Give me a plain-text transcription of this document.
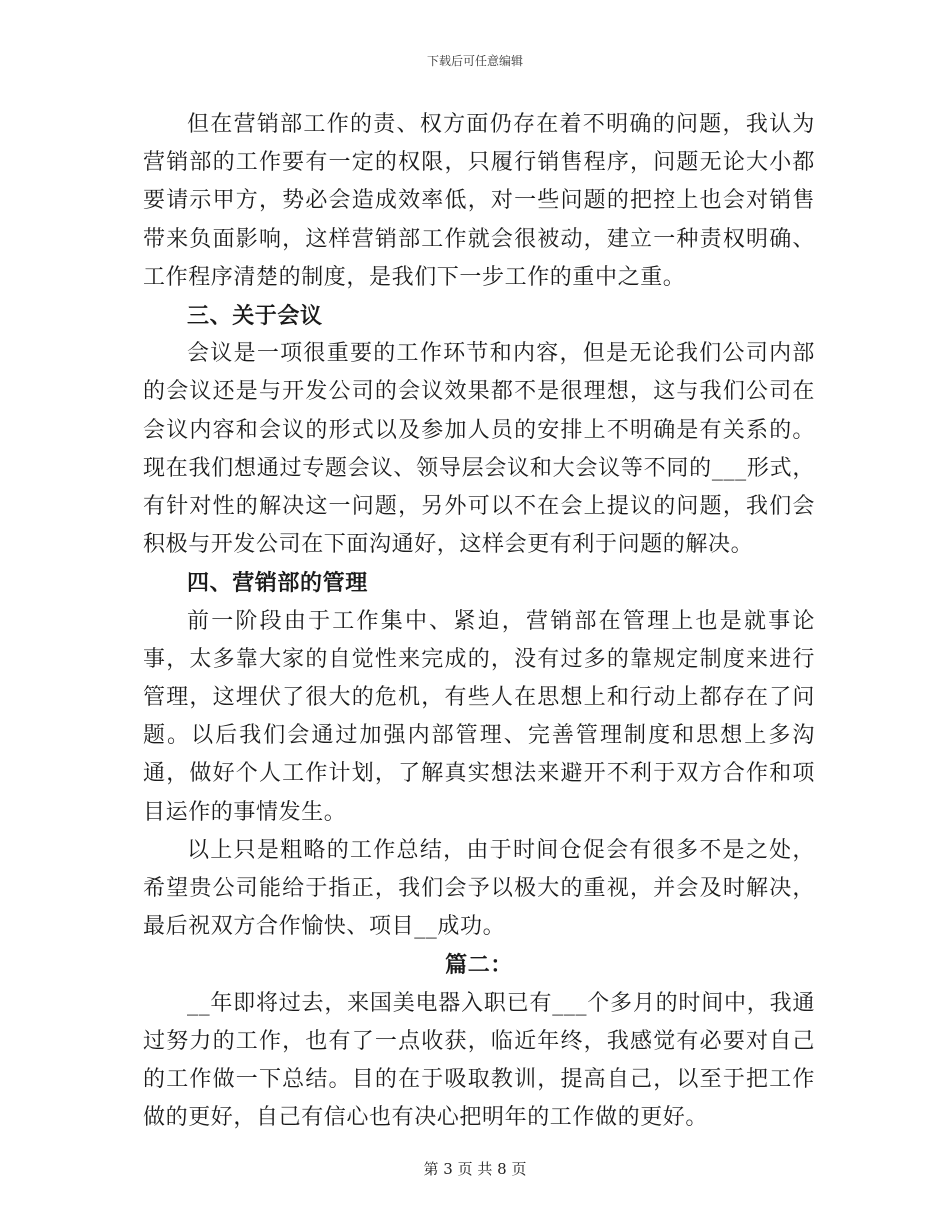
下载后可任意编辑

但在营销部工作的责、权方面仍存在着不明确的问题，我认为营销部的工作要有一定的权限，只履行销售程序，问题无论大小都要请示甲方，势必会造成效率低，对一些问题的把控上也会对销售带来负面影响，这样营销部工作就会很被动，建立一种责权明确、工作程序清楚的制度，是我们下一步工作的重中之重。

三、关于会议

会议是一项很重要的工作环节和内容，但是无论我们公司内部的会议还是与开发公司的会议效果都不是很理想，这与我们公司在会议内容和会议的形式以及参加人员的安排上不明确是有关系的。现在我们想通过专题会议、领导层会议和大会议等不同的___形式，有针对性的解决这一问题，另外可以不在会上提议的问题，我们会积极与开发公司在下面沟通好，这样会更有利于问题的解决。

四、营销部的管理

前一阶段由于工作集中、紧迫，营销部在管理上也是就事论事，太多靠大家的自觉性来完成的，没有过多的靠规定制度来进行管理，这埋伏了很大的危机，有些人在思想上和行动上都存在了问题。以后我们会通过加强内部管理、完善管理制度和思想上多沟通，做好个人工作计划，了解真实想法来避开不利于双方合作和项目运作的事情发生。

以上只是粗略的工作总结，由于时间仓促会有很多不是之处，希望贵公司能给于指正，我们会予以极大的重视，并会及时解决，最后祝双方合作愉快、项目__成功。

篇二：

__年即将过去，来国美电器入职已有___个多月的时间中，我通过努力的工作，也有了一点收获，临近年终，我感觉有必要对自己的工作做一下总结。目的在于吸取教训，提高自己，以至于把工作做的更好，自己有信心也有决心把明年的工作做的更好。

第 3 页 共 8 页
